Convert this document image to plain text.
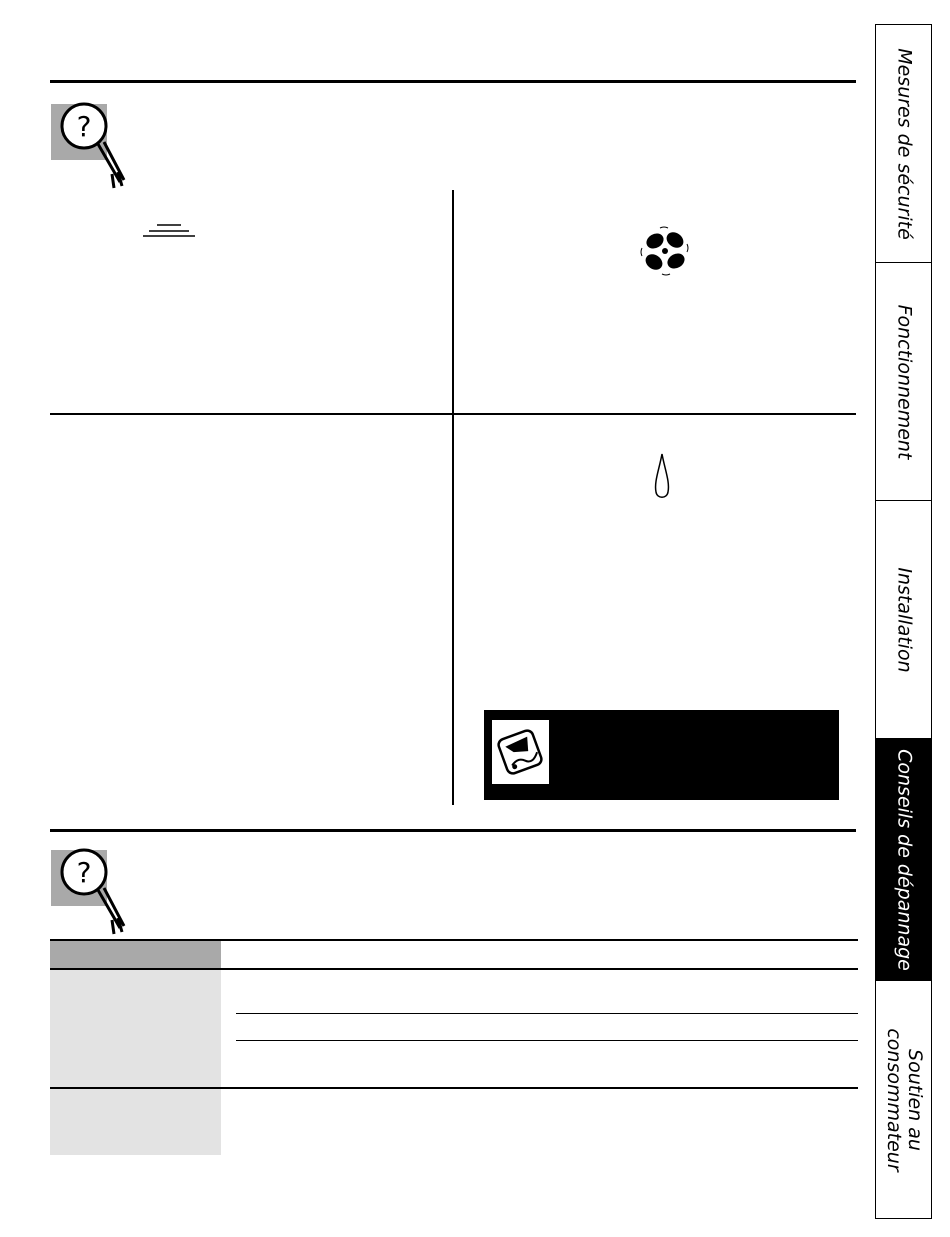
?
?
Mesures de sécurité
Fonctionnement
Installation
Conseils de dépannage
Soutien au consommateur
